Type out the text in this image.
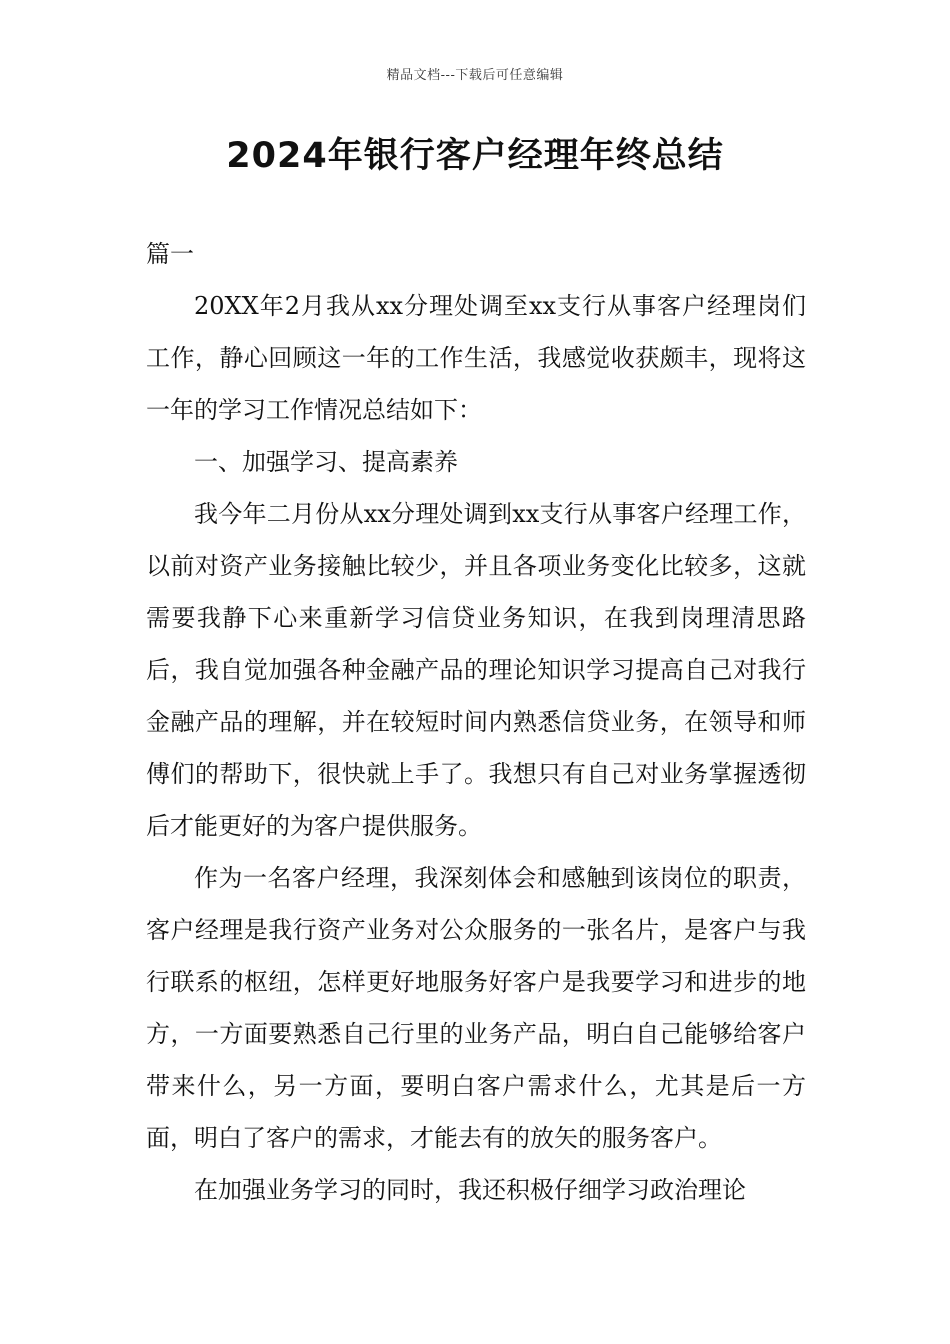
精品文档---下载后可任意编辑
2024年银行客户经理年终总结

篇一

20XX年2月我从xx分理处调至xx支行从事客户经理岗们工作，静心回顾这一年的工作生活，我感觉收获颇丰，现将这一年的学习工作情况总结如下：

一、加强学习、提高素养

我今年二月份从xx分理处调到xx支行从事客户经理工作，以前对资产业务接触比较少，并且各项业务变化比较多，这就需要我静下心来重新学习信贷业务知识，在我到岗理清思路后，我自觉加强各种金融产品的理论知识学习提高自己对我行金融产品的理解，并在较短时间内熟悉信贷业务，在领导和师傅们的帮助下，很快就上手了。我想只有自己对业务掌握透彻后才能更好的为客户提供服务。

作为一名客户经理，我深刻体会和感触到该岗位的职责，客户经理是我行资产业务对公众服务的一张名片，是客户与我行联系的枢纽，怎样更好地服务好客户是我要学习和进步的地方，一方面要熟悉自己行里的业务产品，明白自己能够给客户带来什么，另一方面，要明白客户需求什么，尤其是后一方面，明白了客户的需求，才能去有的放矢的服务客户。

在加强业务学习的同时，我还积极仔细学习政治理论
